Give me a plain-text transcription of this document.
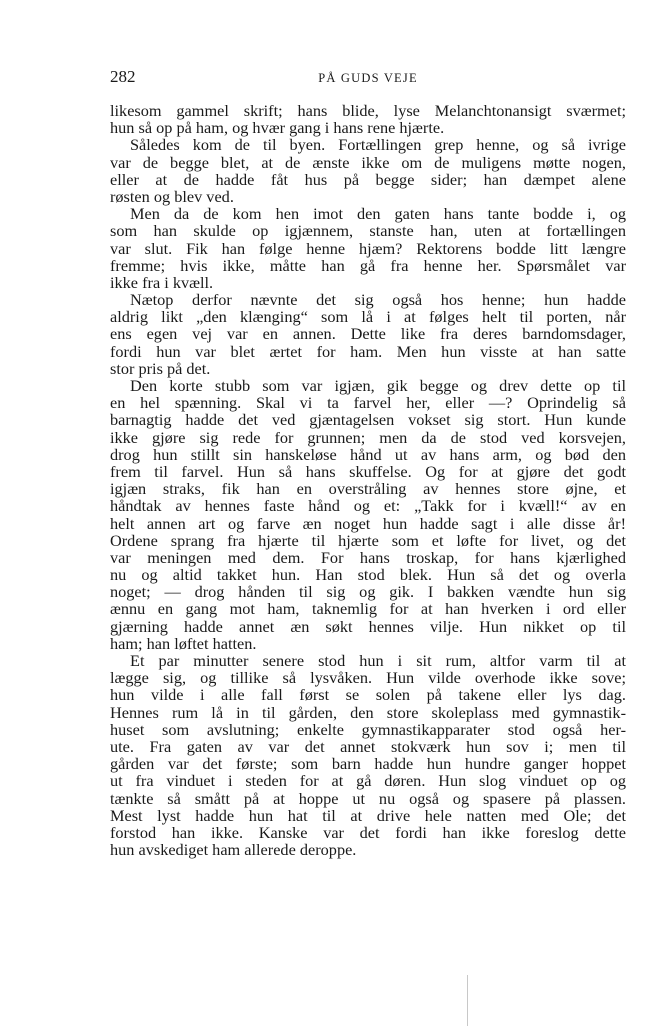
282	PÅ GUDS VEJE
likesom gammel skrift; hans blide, lyse Melanchtonansigt sværmet;
hun så op på ham, og hvær gang i hans rene hjærte.
Således kom de til byen. Fortællingen grep henne, og så ivrige
var de begge blet, at de ænste ikke om de muligens møtte nogen,
eller at de hadde fåt hus på begge sider; han dæmpet alene
røsten og blev ved.
Men da de kom hen imot den gaten hans tante bodde i, og
som han skulde op igjænnem, stanste han, uten at fortællingen
var slut. Fik han følge henne hjæm? Rektorens bodde litt længre
fremme; hvis ikke, måtte han gå fra henne her. Spørsmålet var
ikke fra i kvæll.
Nætop derfor nævnte det sig også hos henne; hun hadde
aldrig likt „den klænging“ som lå i at følges helt til porten, når
ens egen vej var en annen. Dette like fra deres barndomsdager,
fordi hun var blet ærtet for ham. Men hun visste at han satte
stor pris på det.
Den korte stubb som var igjæn, gik begge og drev dette op til
en hel spænning. Skal vi ta farvel her, eller —? Oprindelig så
barnagtig hadde det ved gjæntagelsen vokset sig stort. Hun kunde
ikke gjøre sig rede for grunnen; men da de stod ved korsvejen,
drog hun stillt sin hanskeløse hånd ut av hans arm, og bød den
frem til farvel. Hun så hans skuffelse. Og for at gjøre det godt
igjæn straks, fik han en overstråling av hennes store øjne, et
håndtak av hennes faste hånd og et: „Takk for i kvæll!“ av en
helt annen art og farve æn noget hun hadde sagt i alle disse år!
Ordene sprang fra hjærte til hjærte som et løfte for livet, og det
var meningen med dem. For hans troskap, for hans kjærlighed
nu og altid takket hun. Han stod blek. Hun så det og overla
noget; — drog hånden til sig og gik. I bakken vændte hun sig
ænnu en gang mot ham, taknemlig for at han hverken i ord eller
gjærning hadde annet æn søkt hennes vilje. Hun nikket op til
ham; han løftet hatten.
Et par minutter senere stod hun i sit rum, altfor varm til at
lægge sig, og tillike så lysvåken. Hun vilde overhode ikke sove;
hun vilde i alle fall først se solen på takene eller lys dag.
Hennes rum lå in til gården, den store skoleplass med gymnastik-
huset som avslutning; enkelte gymnastikapparater stod også her-
ute. Fra gaten av var det annet stokværk hun sov i; men til
gården var det første; som barn hadde hun hundre ganger hoppet
ut fra vinduet i steden for at gå døren. Hun slog vinduet op og
tænkte så smått på at hoppe ut nu også og spasere på plassen.
Mest lyst hadde hun hat til at drive hele natten med Ole; det
forstod han ikke. Kanske var det fordi han ikke foreslog dette
hun avskediget ham allerede deroppe.
